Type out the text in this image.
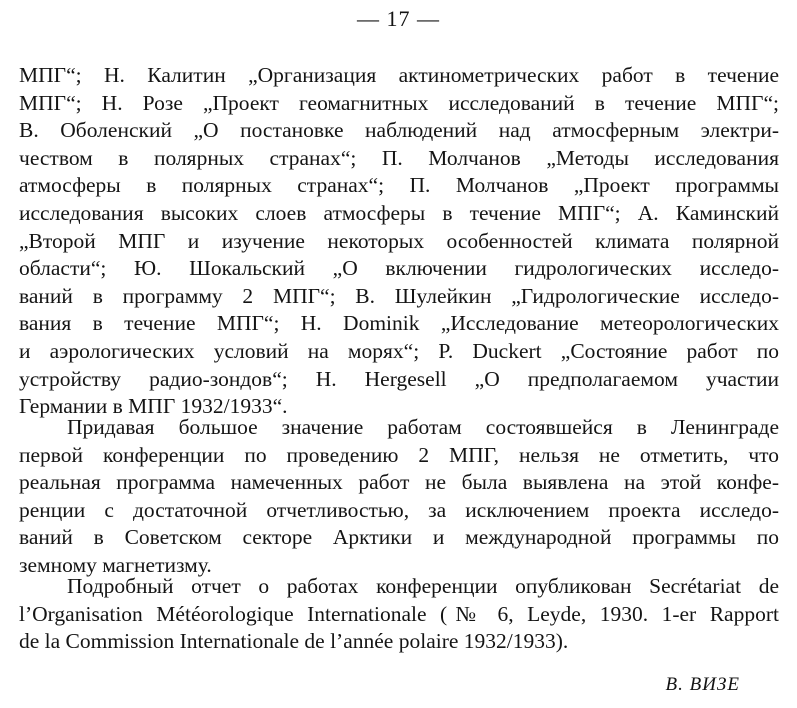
— 17 —
МПГ“; Н. Калитин „Организация актинометрических работ в течение
МПГ“; Н. Розе „Проект геомагнитных исследований в течение МПГ“;
В. Оболенский „О постановке наблюдений над атмосферным электри-
чеством в полярных странах“; П. Молчанов „Методы исследования
атмосферы в полярных странах“; П. Молчанов „Проект программы
исследования высоких слоев атмосферы в течение МПГ“; А. Каминский
„Второй МПГ и изучение некоторых особенностей климата полярной
области“; Ю. Шокальский „О включении гидрологических исследо-
ваний в программу 2 МПГ“; В. Шулейкин „Гидрологические исследо-
вания в течение МПГ“; Н. Dominik „Исследование метеорологических
и аэрологических условий на морях“; P. Duckert „Состояние работ по
устройству радио-зондов“; Н. Hergesell „О предполагаемом участии
Германии в МПГ 1932/1933“.
Придавая большое значение работам состоявшейся в Ленинграде
первой конференции по проведению 2 МПГ, нельзя не отметить, что
реальная программа намеченных работ не была выявлена на этой конфе-
ренции с достаточной отчетливостью, за исключением проекта исследо-
ваний в Советском секторе Арктики и международной программы по
земному магнетизму.
Подробный отчет о работах конференции опубликован Secrétariat de
l’Organisation Météorologique Internationale (№ 6, Leyde, 1930. 1-er Rapport
de la Commission Internationale de l’année polaire 1932/1933).
В. ВИЗЕ
